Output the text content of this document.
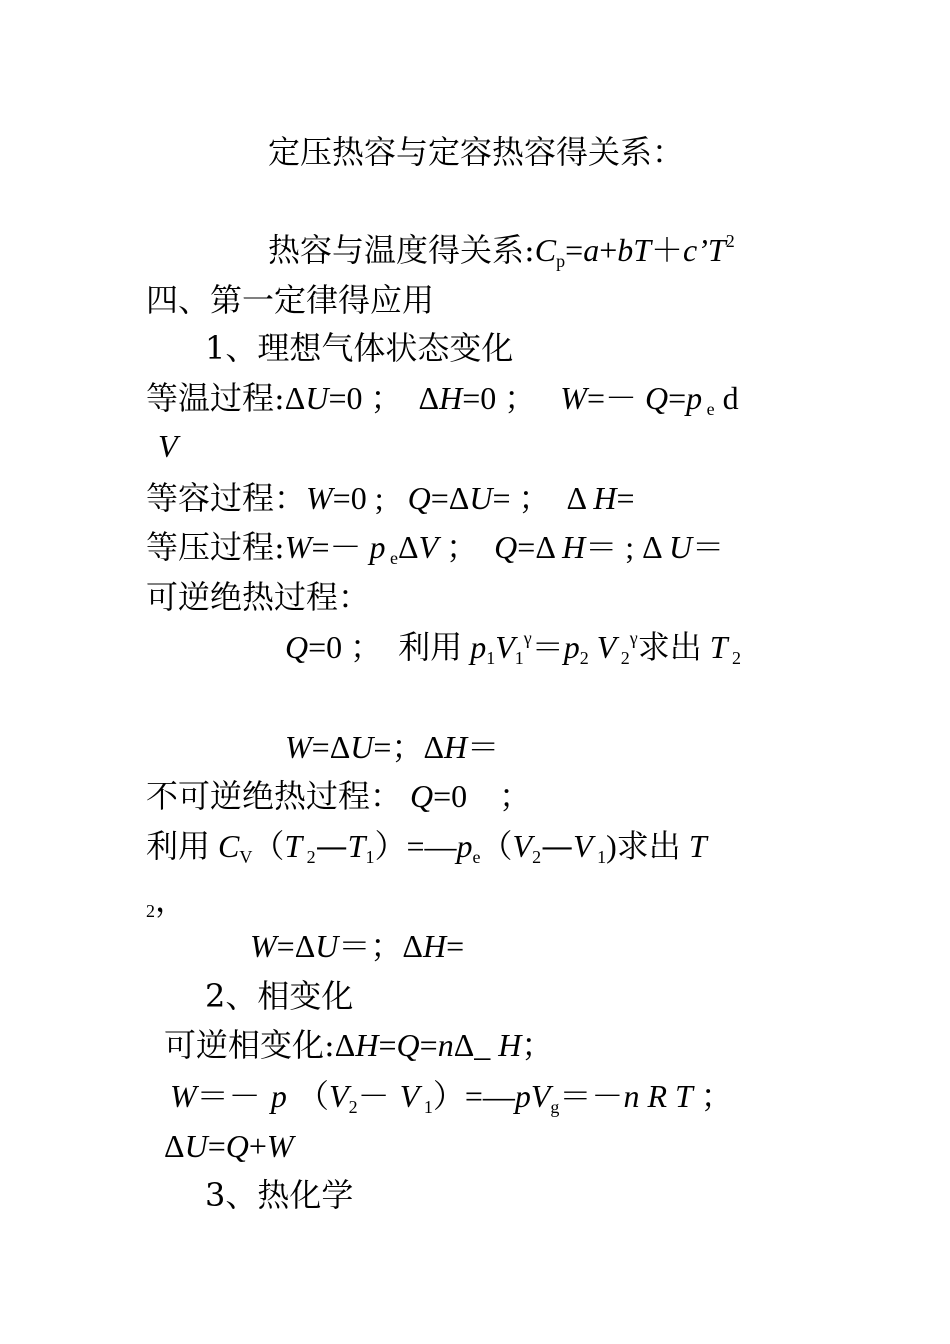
定压热容与定容热容得关系：
热容与温度得关系$:C_p=a+bT+c’T^2$
四、第一定律得应用
1、理想气体状态变化
等温过程:ΔU=0 ；  ΔH=0 ；   W=－ Q=p $_e$ d
V
等容过程：W=0 ;   Q=ΔU= ；  Δ H=
等压过程:W=－ p $_e$ΔV ；  Q=Δ H＝ ; Δ U＝
可逆绝热过程：
Q=0 ；  利用 $p_1V_1^\gamma=p_2$ V $_2^\gamma$求出 T $_2$
W=ΔU=；ΔH＝
不可逆绝热过程： Q=0    ；
利用 $C_V(T$ $_2—T_1)=—p_e(V_2—V$ $_1$)求出 T
$_2$，
W=ΔU＝；ΔH=
2、相变化
可逆相变化:ΔH=Q=nΔ_ H；
W＝－ p （$V_2- V$ $_1)=—pV_g=-n$ R T ；
ΔU=Q+W
3、热化学
